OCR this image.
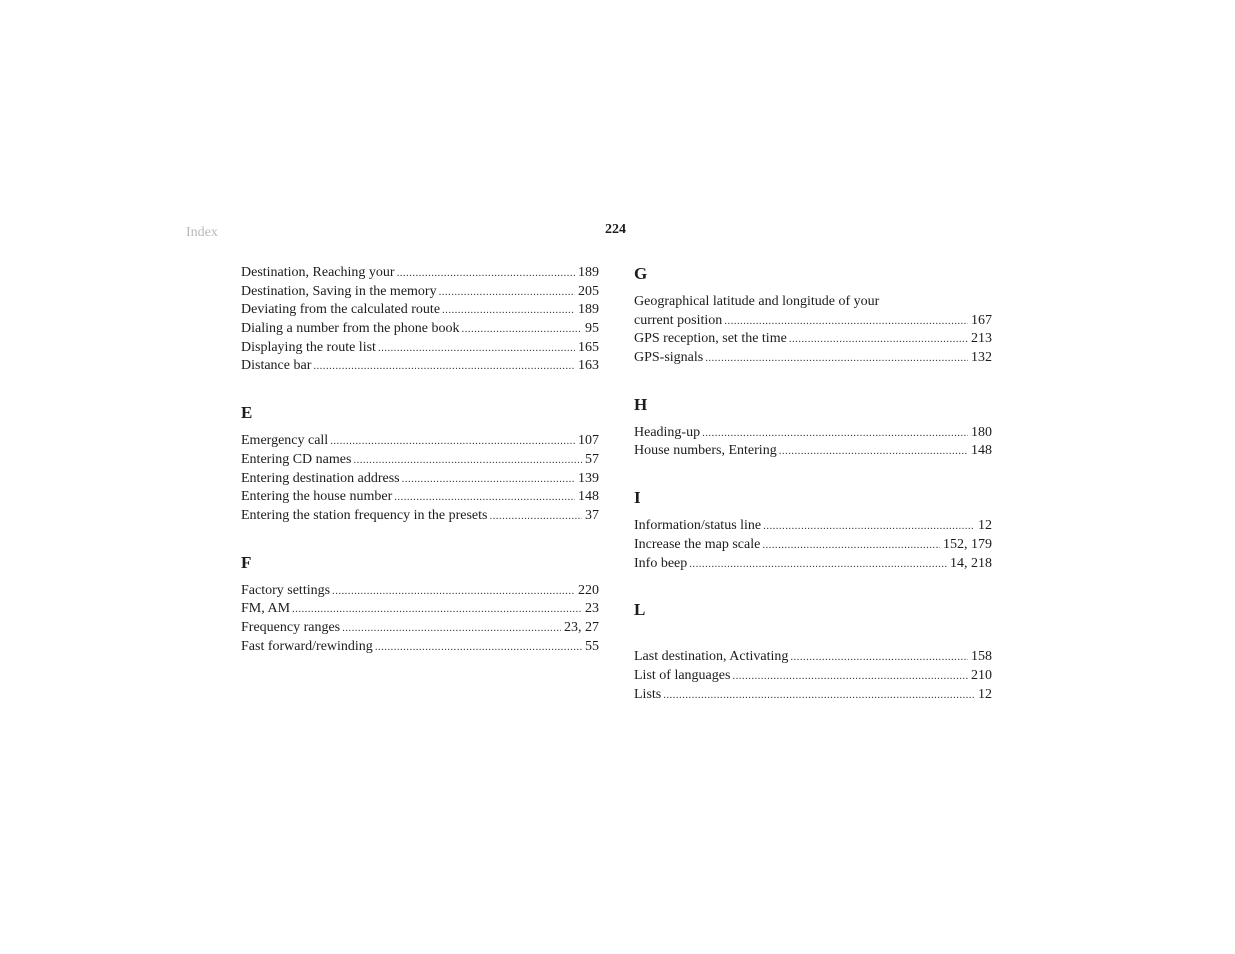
Index	224
Destination, Reaching your .....	189
Destination, Saving in the memory .....	205
Deviating from the calculated route .....	189
Dialing a number from the phone book .....	95
Displaying the route list .....	165
Distance bar .....	163
E
Emergency call .....	107
Entering CD names .....	57
Entering destination address .....	139
Entering the house number .....	148
Entering the station frequency in the presets .....	37
F
Factory settings .....	220
FM, AM .....	23
Frequency ranges .....	23, 27
Fast forward/rewinding .....	55
G
Geographical latitude and longitude of your
current position .....	167
GPS reception, set the time .....	213
GPS-signals .....	132
H
Heading-up .....	180
House numbers, Entering .....	148
I
Information/status line .....	12
Increase the map scale .....	152, 179
Info beep .....	14, 218
L
Last destination, Activating .....	158
List of languages .....	210
Lists .....	12
